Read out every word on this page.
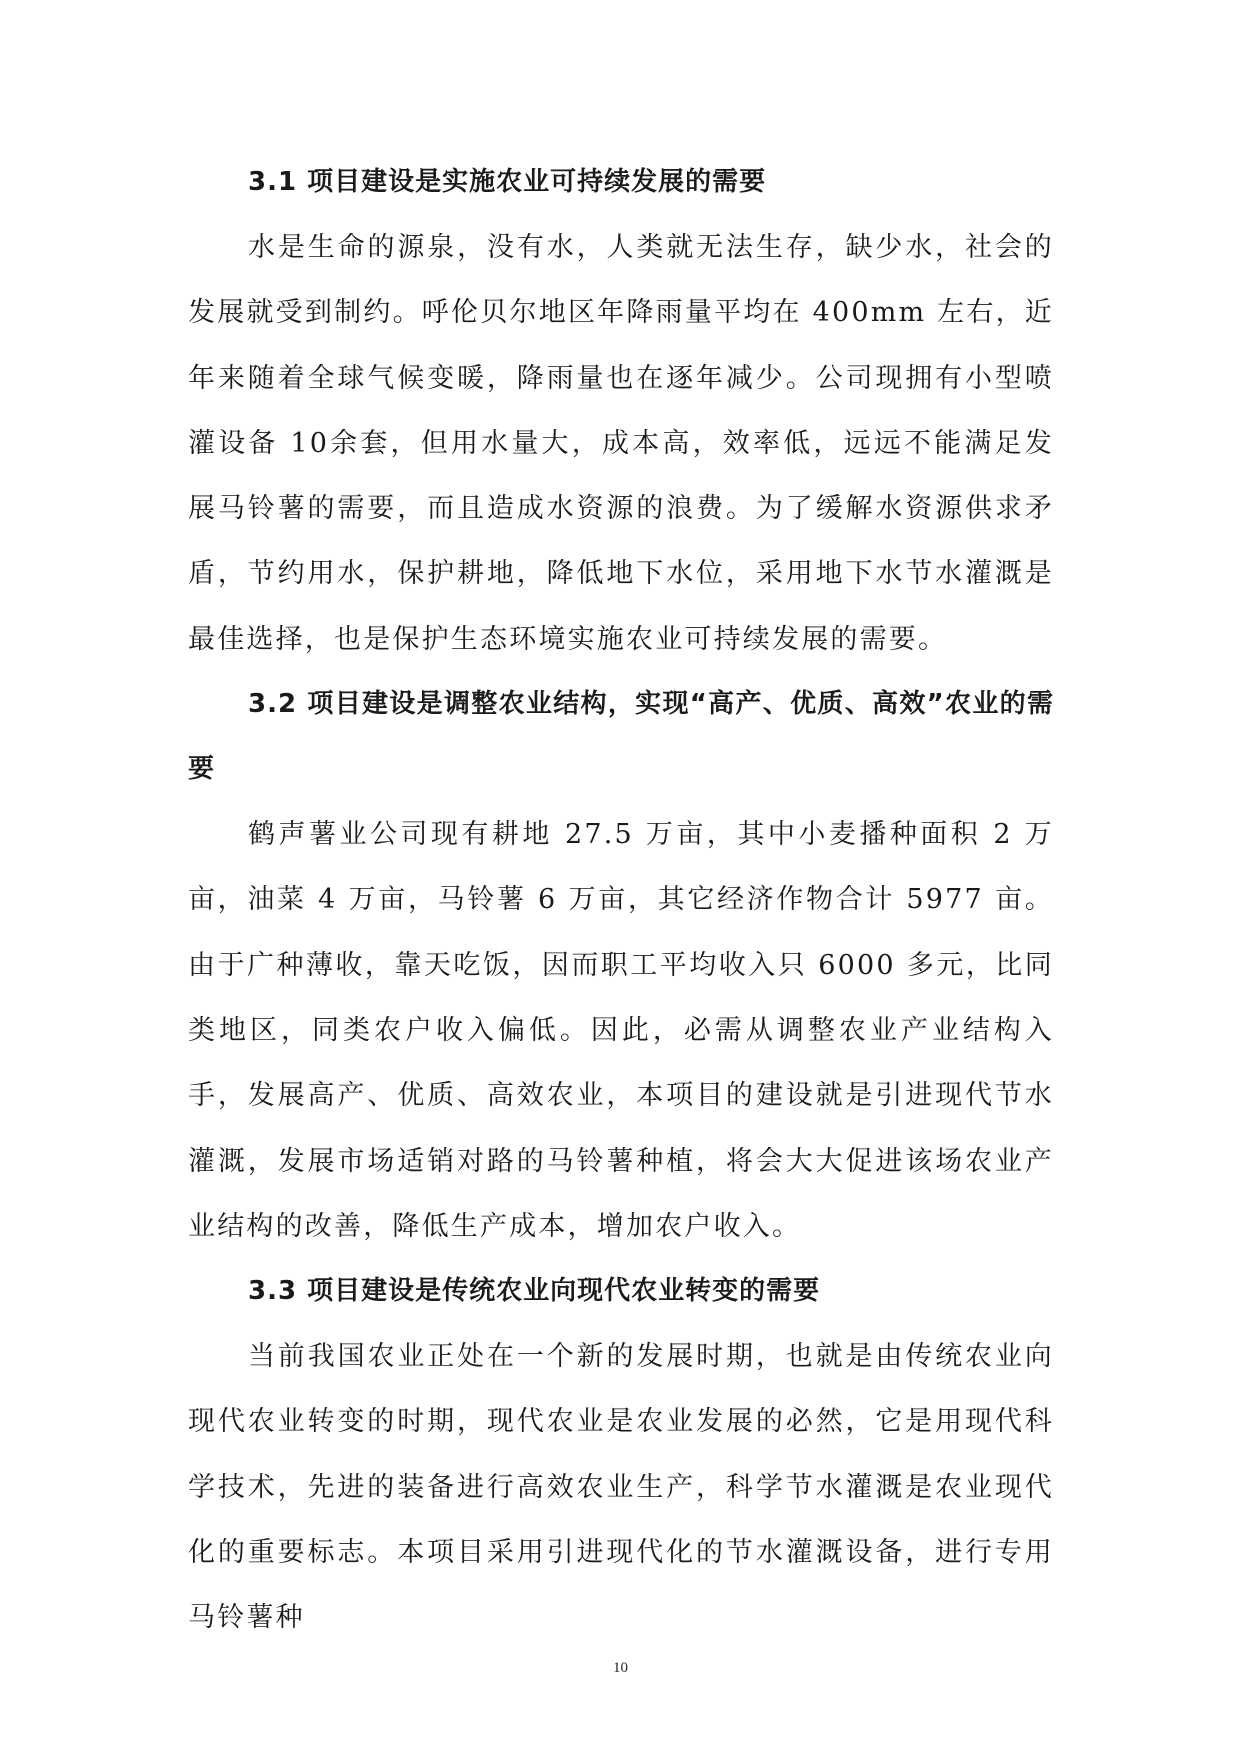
3.1 项目建设是实施农业可持续发展的需要

水是生命的源泉，没有水，人类就无法生存，缺少水，社会的发展就受到制约。呼伦贝尔地区年降雨量平均在 400mm 左右，近年来随着全球气候变暖，降雨量也在逐年减少。公司现拥有小型喷灌设备 10余套，但用水量大，成本高，效率低，远远不能满足发展马铃薯的需要，而且造成水资源的浪费。为了缓解水资源供求矛盾，节约用水，保护耕地，降低地下水位，采用地下水节水灌溉是最佳选择，也是保护生态环境实施农业可持续发展的需要。

3.2 项目建设是调整农业结构，实现“高产、优质、高效”农业的需要

鹤声薯业公司现有耕地 27.5 万亩，其中小麦播种面积 2 万亩，油菜 4 万亩，马铃薯 6 万亩，其它经济作物合计 5977 亩。由于广种薄收，靠天吃饭，因而职工平均收入只 6000 多元，比同类地区，同类农户收入偏低。因此，必需从调整农业产业结构入手，发展高产、优质、高效农业，本项目的建设就是引进现代节水灌溉，发展市场适销对路的马铃薯种植，将会大大促进该场农业产业结构的改善，降低生产成本，增加农户收入。

3.3 项目建设是传统农业向现代农业转变的需要

当前我国农业正处在一个新的发展时期，也就是由传统农业向现代农业转变的时期，现代农业是农业发展的必然，它是用现代科学技术，先进的装备进行高效农业生产，科学节水灌溉是农业现代化的重要标志。本项目采用引进现代化的节水灌溉设备，进行专用马铃薯种

10
